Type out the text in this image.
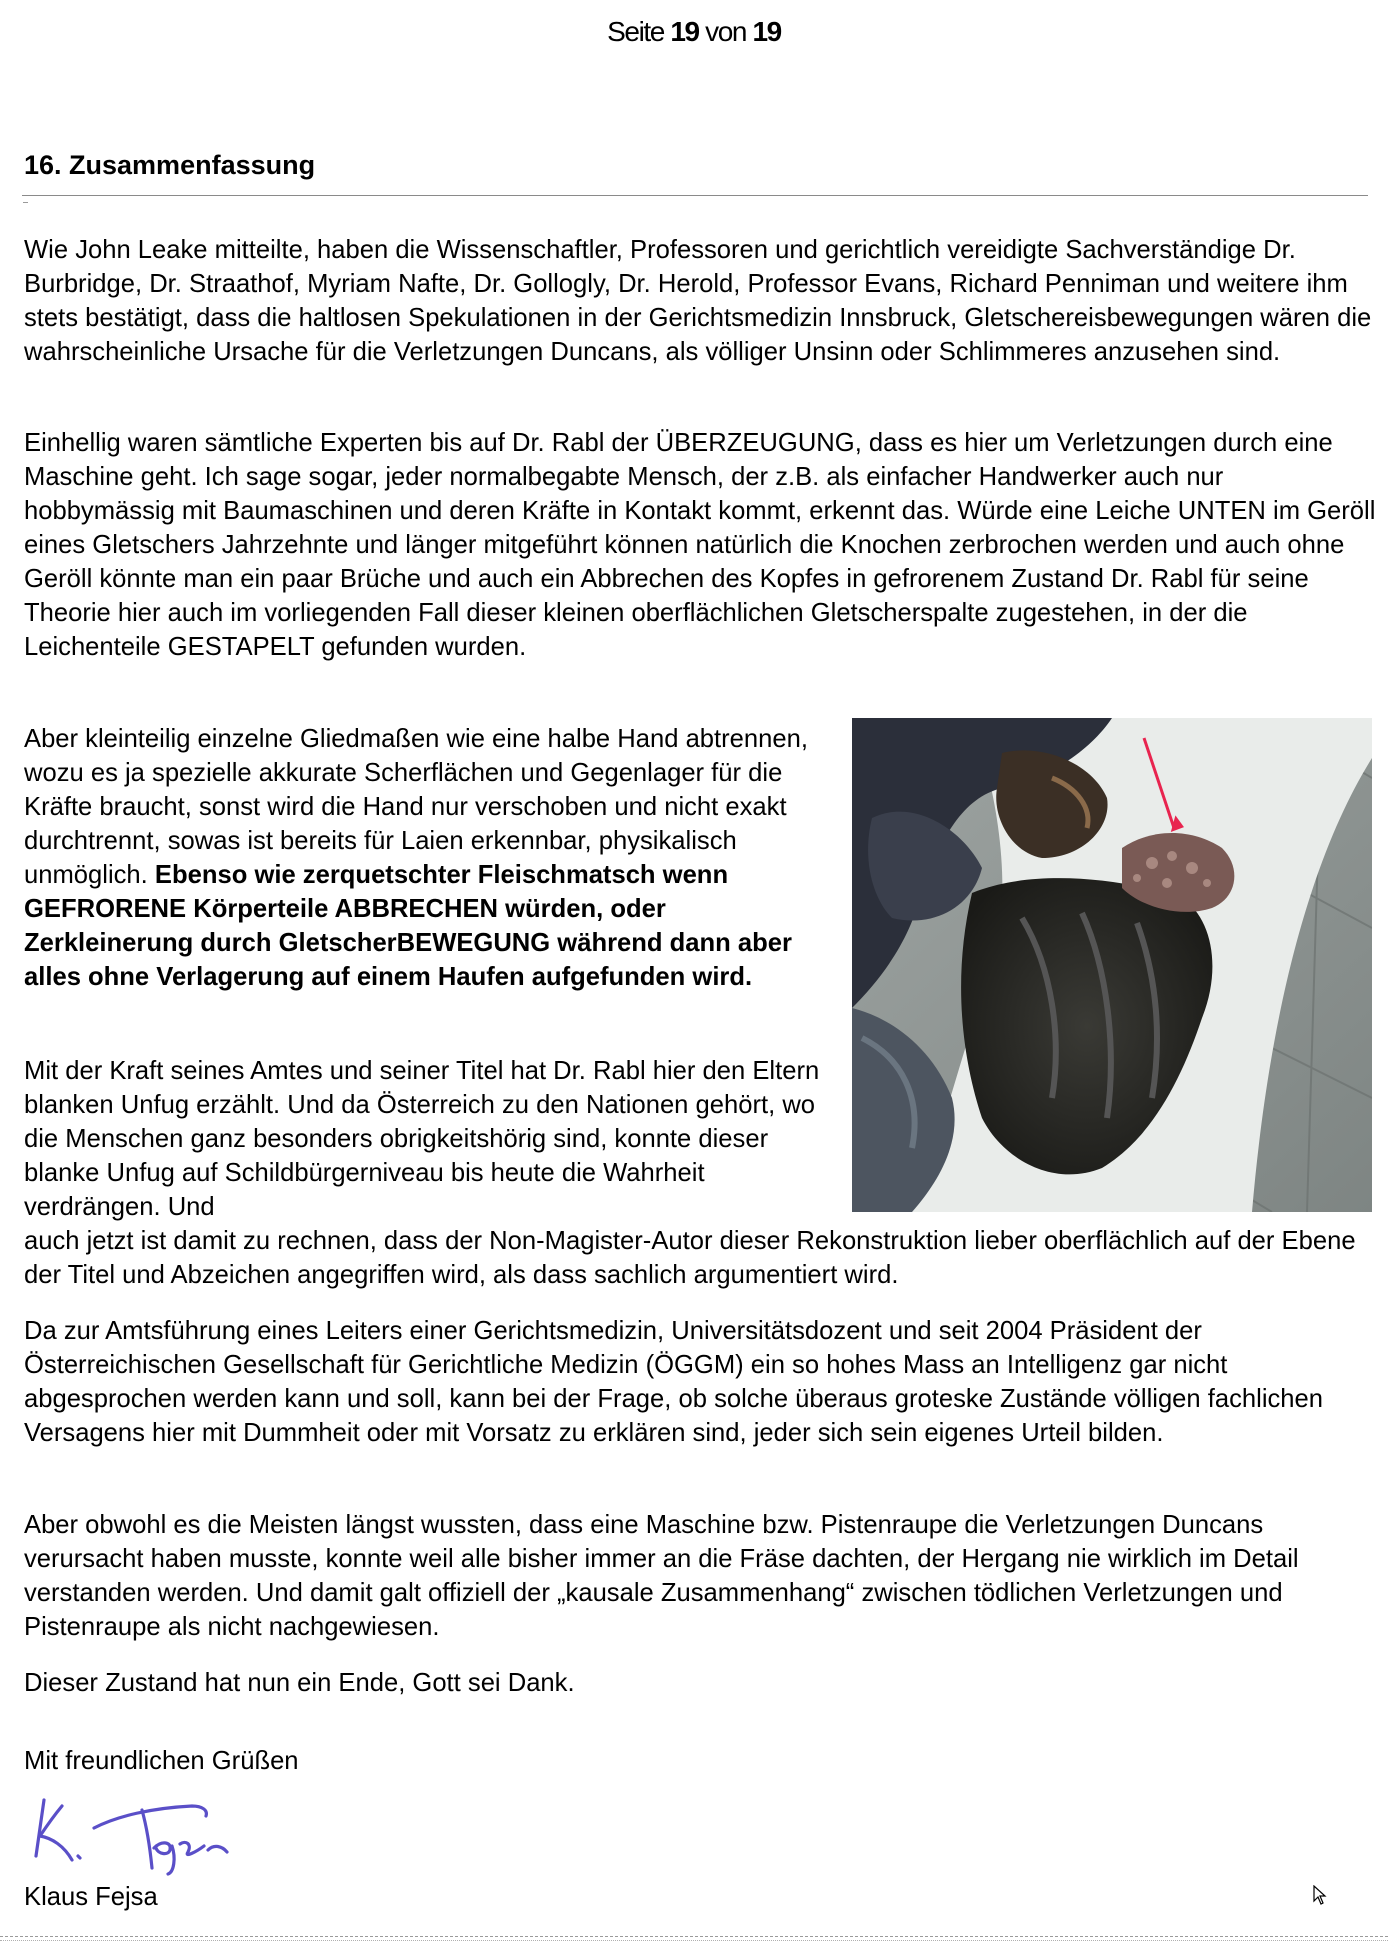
Seite 19 von 19
16. Zusammenfassung

Wie John Leake mitteilte, haben die Wissenschaftler, Professoren und gerichtlich vereidigte Sachverständige Dr. Burbridge, Dr. Straathof, Myriam Nafte, Dr. Gollogly, Dr. Herold, Professor Evans, Richard Penniman und weitere ihm stets bestätigt, dass die haltlosen Spekulationen in der Gerichtsmedizin Innsbruck, Gletschereisbewegungen wären die wahrscheinliche Ursache für die Verletzungen Duncans, als völliger Unsinn oder Schlimmeres anzusehen sind.

Einhellig waren sämtliche Experten bis auf Dr. Rabl der ÜBERZEUGUNG, dass es hier um Verletzungen durch eine Maschine geht. Ich sage sogar, jeder normalbegabte Mensch, der z.B. als einfacher Handwerker auch nur hobbymässig mit Baumaschinen und deren Kräfte in Kontakt kommt, erkennt das. Würde eine Leiche UNTEN im Geröll eines Gletschers Jahrzehnte und länger mitgeführt können natürlich die Knochen zerbrochen werden und auch ohne Geröll könnte man ein paar Brüche und auch ein Abbrechen des Kopfes in gefrorenem Zustand Dr. Rabl für seine Theorie hier auch im vorliegenden Fall dieser kleinen oberflächlichen Gletscherspalte zugestehen, in der die Leichenteile GESTAPELT gefunden wurden.

Aber kleinteilig einzelne Gliedmaßen wie eine halbe Hand abtrennen, wozu es ja spezielle akkurate Scherflächen und Gegenlager für die Kräfte braucht, sonst wird die Hand nur verschoben und nicht exakt durchtrennt, sowas ist bereits für Laien erkennbar, physikalisch unmöglich. Ebenso wie zerquetschter Fleischmatsch wenn GEFRORENE Körperteile ABBRECHEN würden, oder Zerkleinerung durch GletscherBEWEGUNG während dann aber alles ohne Verlagerung auf einem Haufen aufgefunden wird.

Mit der Kraft seines Amtes und seiner Titel hat Dr. Rabl hier den Eltern blanken Unfug erzählt. Und da Österreich zu den Nationen gehört, wo die Menschen ganz besonders obrigkeitshörig sind, konnte dieser blanke Unfug auf Schildbürgerniveau bis heute die Wahrheit verdrängen. Und
auch jetzt ist damit zu rechnen, dass der Non-Magister-Autor dieser Rekonstruktion lieber oberflächlich auf der Ebene der Titel und Abzeichen angegriffen wird, als dass sachlich argumentiert wird.

Da zur Amtsführung eines Leiters einer Gerichtsmedizin, Universitätsdozent und seit 2004 Präsident der Österreichischen Gesellschaft für Gerichtliche Medizin (ÖGGM) ein so hohes Mass an Intelligenz gar nicht abgesprochen werden kann und soll, kann bei der Frage, ob solche überaus groteske Zustände völligen fachlichen Versagens hier mit Dummheit oder mit Vorsatz zu erklären sind, jeder sich sein eigenes Urteil bilden.

Aber obwohl es die Meisten längst wussten, dass eine Maschine bzw. Pistenraupe die Verletzungen Duncans verursacht haben musste, konnte weil alle bisher immer an die Fräse dachten, der Hergang nie wirklich im Detail verstanden werden. Und damit galt offiziell der „kausale Zusammenhang“ zwischen tödlichen Verletzungen und Pistenraupe als nicht nachgewiesen.

Dieser Zustand hat nun ein Ende, Gott sei Dank.

Mit freundlichen Grüßen

Klaus Fejsa
